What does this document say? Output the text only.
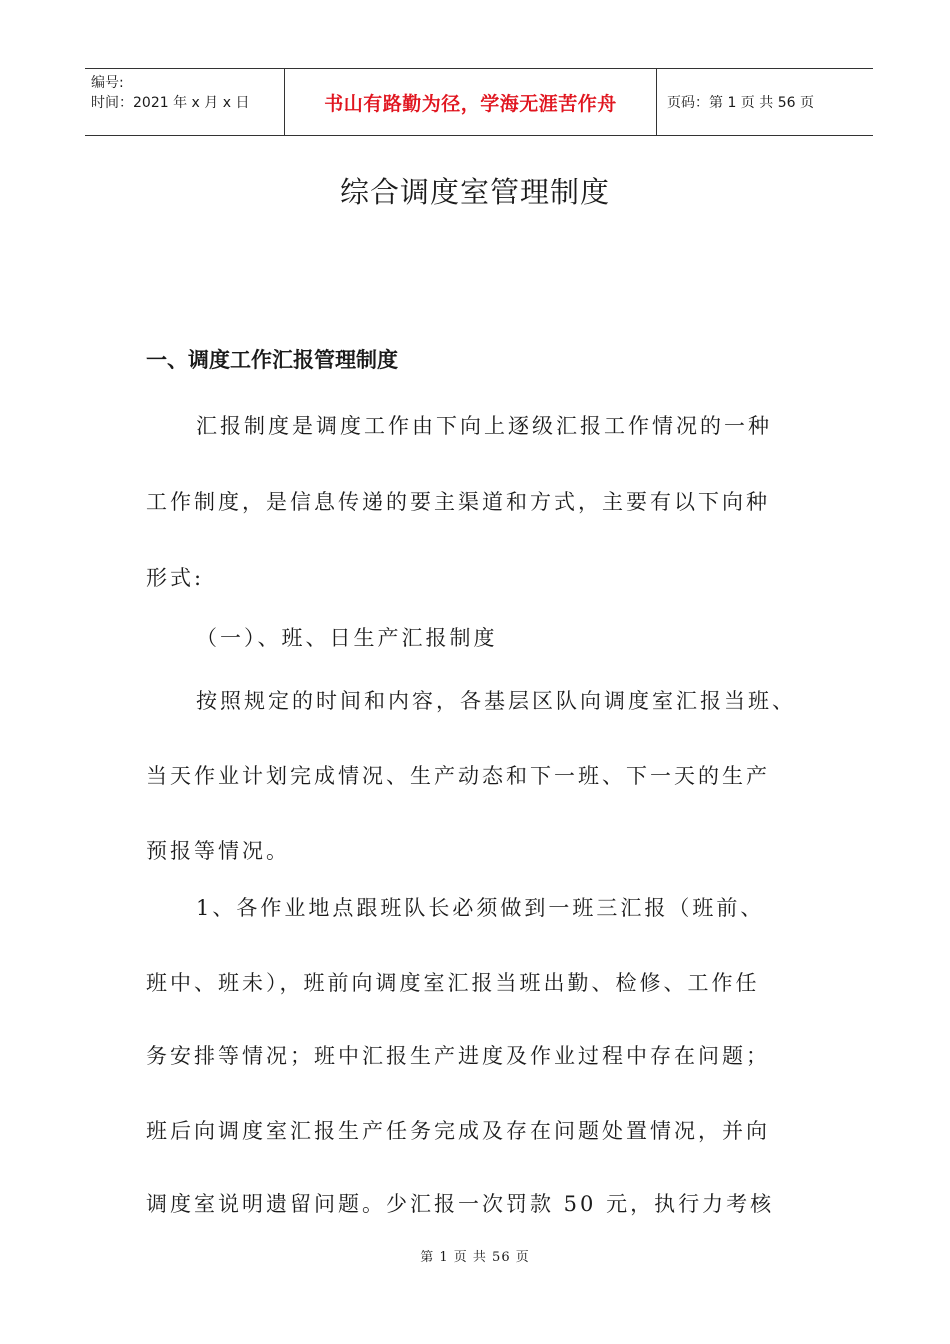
编号:
时间：2021 年 x 月 x 日	书山有路勤为径，学海无涯苦作舟	页码：第 1 页 共 56 页
综合调度室管理制度
一、调度工作汇报管理制度
汇报制度是调度工作由下向上逐级汇报工作情况的一种
工作制度，是信息传递的要主渠道和方式，主要有以下向种
形式:
（一）、班、日生产汇报制度
按照规定的时间和内容，各基层区队向调度室汇报当班、
当天作业计划完成情况、生产动态和下一班、下一天的生产
预报等情况。
1、各作业地点跟班队长必须做到一班三汇报（班前、
班中、班未），班前向调度室汇报当班出勤、检修、工作任
务安排等情况；班中汇报生产进度及作业过程中存在问题；
班后向调度室汇报生产任务完成及存在问题处置情况，并向
调度室说明遗留问题。少汇报一次罚款 50 元，执行力考核
第 1 页 共 56 页
